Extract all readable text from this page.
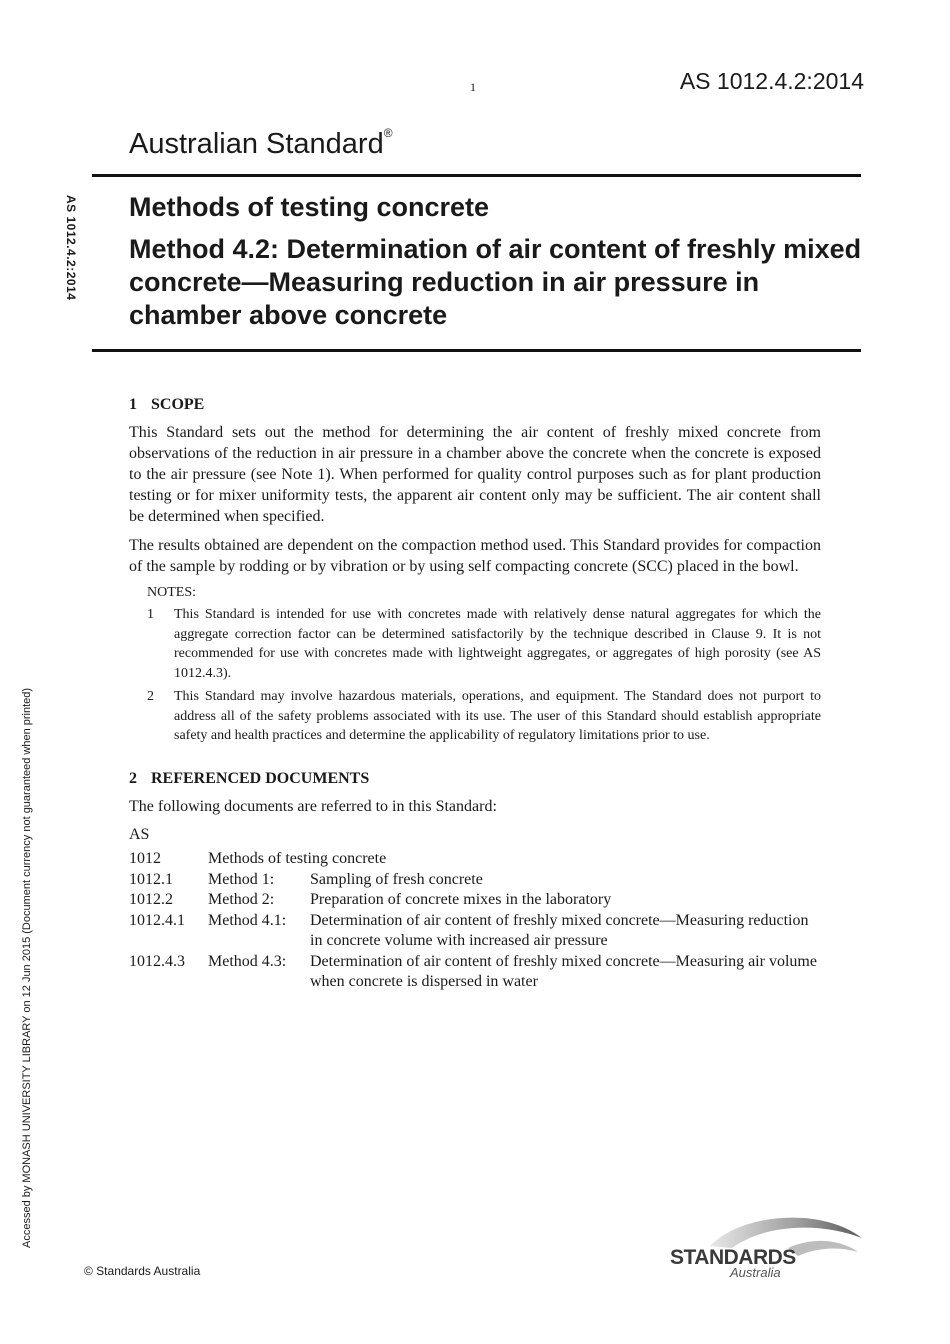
1	AS 1012.4.2:2014
Australian Standard®
AS 1012.4.2:2014
Accessed by MONASH UNIVERSITY LIBRARY on 12 Jun 2015 (Document currency not guaranteed when printed)
Methods of testing concrete
Method 4.2: Determination of air content of freshly mixed concrete—Measuring reduction in air pressure in chamber above concrete
1 SCOPE

This Standard sets out the method for determining the air content of freshly mixed concrete from observations of the reduction in air pressure in a chamber above the concrete when the concrete is exposed to the air pressure (see Note 1). When performed for quality control purposes such as for plant production testing or for mixer uniformity tests, the apparent air content only may be sufficient. The air content shall be determined when specified.

The results obtained are dependent on the compaction method used. This Standard provides for compaction of the sample by rodding or by vibration or by using self compacting concrete (SCC) placed in the bowl.

NOTES:
1	This Standard is intended for use with concretes made with relatively dense natural aggregates for which the aggregate correction factor can be determined satisfactorily by the technique described in Clause 9. It is not recommended for use with concretes made with lightweight aggregates, or aggregates of high porosity (see AS 1012.4.3).
2	This Standard may involve hazardous materials, operations, and equipment. The Standard does not purport to address all of the safety problems associated with its use. The user of this Standard should establish appropriate safety and health practices and determine the applicability of regulatory limitations prior to use.
2 REFERENCED DOCUMENTS

The following documents are referred to in this Standard:

AS
1012	Methods of testing concrete	
1012.1	Method 1:	Sampling of fresh concrete
1012.2	Method 2:	Preparation of concrete mixes in the laboratory
1012.4.1	Method 4.1:	Determination of air content of freshly mixed concrete—Measuring reduction in concrete volume with increased air pressure
1012.4.3	Method 4.3:	Determination of air content of freshly mixed concrete—Measuring air volume when concrete is dispersed in water
© Standards Australia
STANDARDS
Australia
